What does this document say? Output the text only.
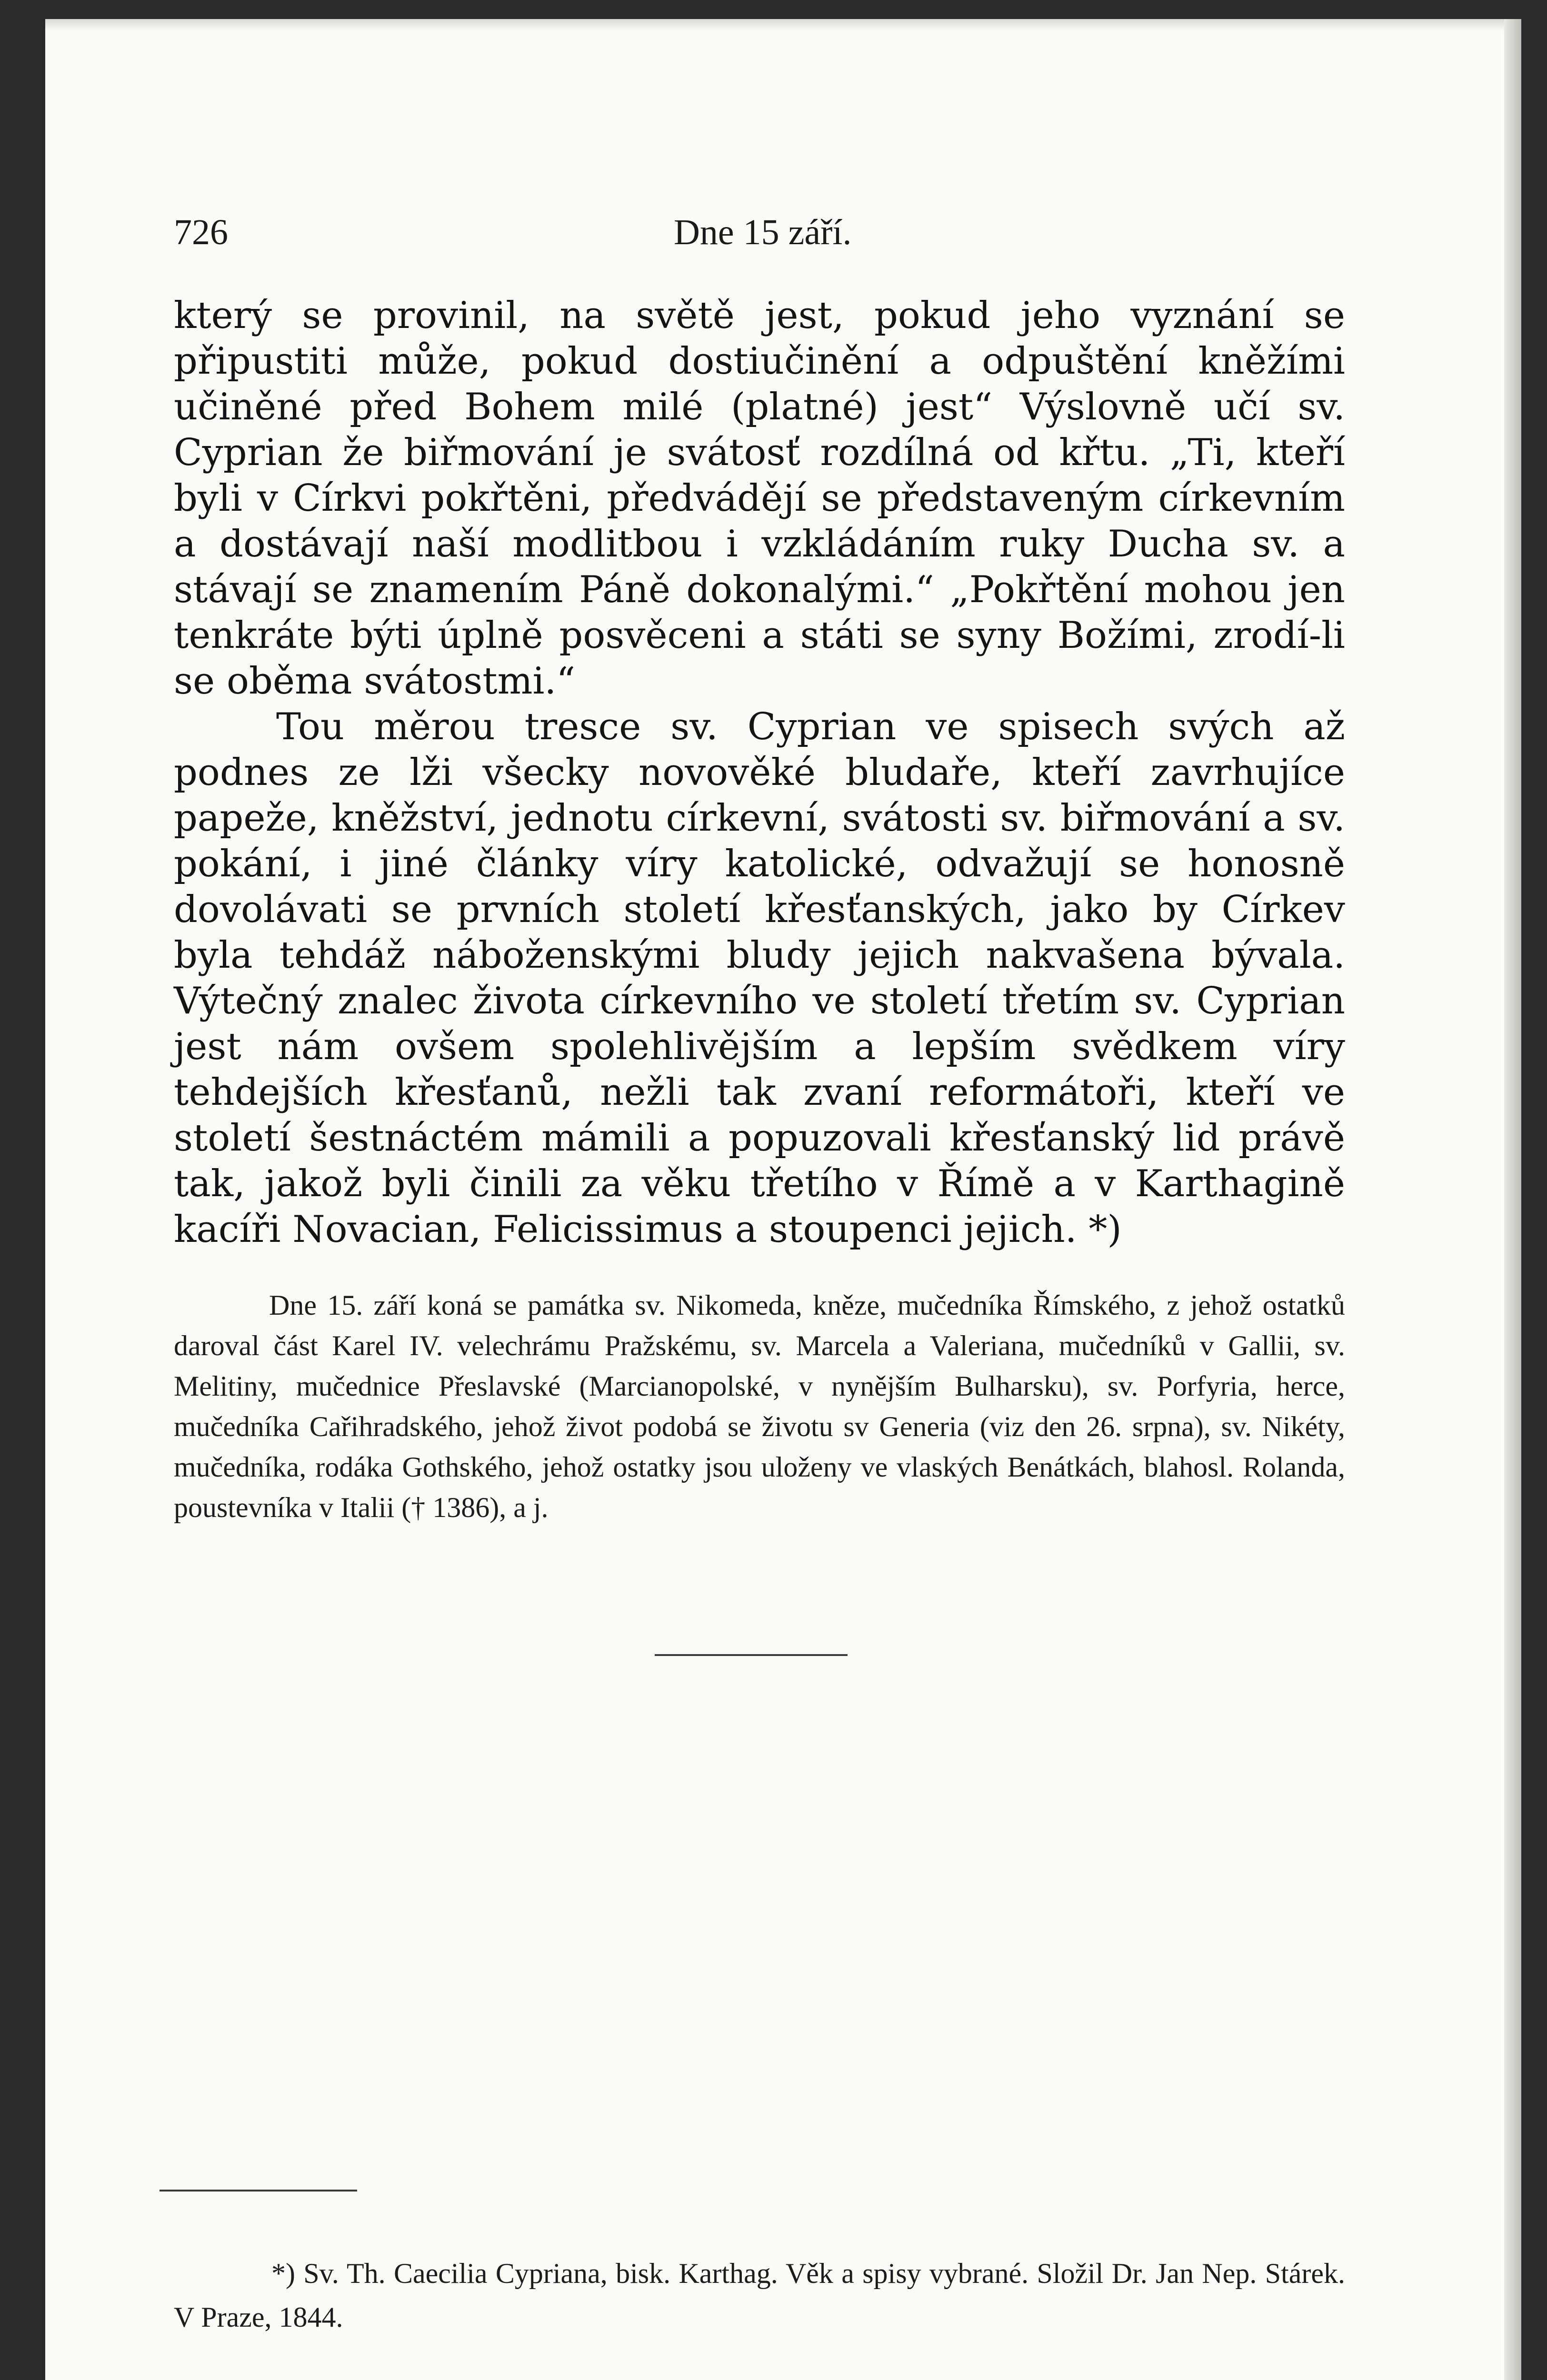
726	Dne 15 září.

který se provinil, na světě jest, pokud jeho vyznání se připustiti může, pokud dostiučinění a odpuštění kněžími učiněné před Bohem milé (platné) jest“ Výslovně učí sv. Cyprian že biřmování je svátosť rozdílná od křtu. „Ti, kteří byli v Církvi pokřtěni, předvádějí se představeným církevním a dostávají naší modlitbou i vzkládáním ruky Ducha sv. a stávají se znamením Páně dokonalými.“ „Pokřtění mohou jen tenkráte býti úplně posvěceni a státi se syny Božími, zrodí-li se oběma svátostmi.“

Tou měrou tresce sv. Cyprian ve spisech svých až podnes ze lži všecky novověké bludaře, kteří zavrhujíce papeže, kněžství, jednotu církevní, svátosti sv. biřmování a sv. pokání, i jiné články víry katolické, odvažují se honosně dovolávati se prvních století křesťanských, jako by Církev byla tehdáž náboženskými bludy jejich nakvašena bývala. Výtečný znalec života církevního ve století třetím sv. Cyprian jest nám ovšem spolehlivějším a lepším svědkem víry tehdejších křesťanů, nežli tak zvaní reformátoři, kteří ve století šestnáctém mámili a popuzovali křesťanský lid právě tak, jakož byli činili za věku třetího v Římě a v Karthagině kacíři Novacian, Felicissimus a stoupenci jejich. *)

Dne 15. září koná se památka sv. Nikomeda, kněze, mučedníka Římského, z jehož ostatků daroval část Karel IV. velechrámu Pražskému, sv. Marcela a Valeriana, mučedníků v Gallii, sv. Melitiny, mučednice Přeslavské (Marcianopolské, v nynějším Bulharsku), sv. Porfyria, herce, mučedníka Cařihradského, jehož život podobá se životu sv Generia (viz den 26. srpna), sv. Nikéty, mučedníka, rodáka Gothského, jehož ostatky jsou uloženy ve vlaských Benátkách, blahosl. Rolanda, poustevníka v Italii († 1386), a j.

*) Sv. Th. Caecilia Cypriana, bisk. Karthag. Věk a spisy vybrané. Složil Dr. Jan Nep. Stárek. V Praze, 1844.
